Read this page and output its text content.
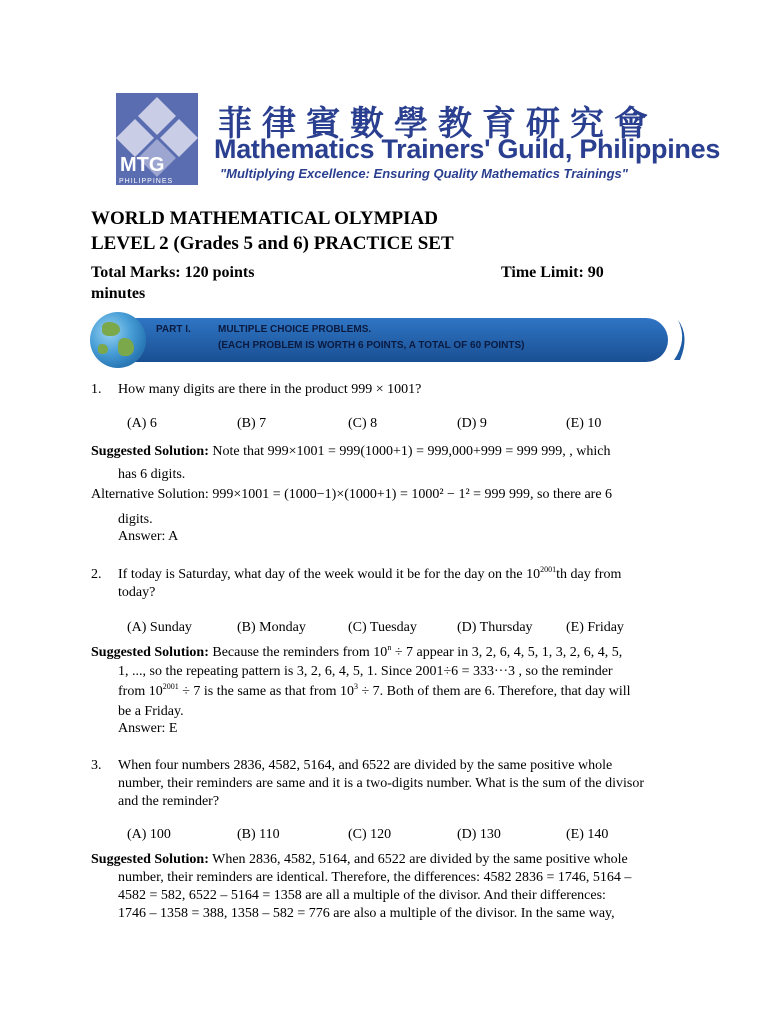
MTG
PHILIPPINES
菲律賓數學教育研究會
Mathematics Trainers' Guild, Philippines
"Multiplying Excellence: Ensuring Quality Mathematics Trainings"
WORLD MATHEMATICAL OLYMPIAD
LEVEL 2 (Grades 5 and 6) PRACTICE SET
Total Marks: 120 points	Time Limit: 90
minutes
PART I.	MULTIPLE CHOICE PROBLEMS.
(EACH PROBLEM IS WORTH 6 POINTS, A TOTAL OF 60 POINTS)
1. How many digits are there in the product 999 × 1001?
(A) 6	(B) 7	(C) 8	(D) 9	(E) 10
Suggested Solution: Note that 999×1001 = 999(1000+1) = 999,000+999 = 999 999, , which
has 6 digits.
Alternative Solution: 999×1001 = (1000−1)×(1000+1) = 1000² − 1² = 999 999, so there are 6
digits.
Answer: A
2. If today is Saturday, what day of the week would it be for the day on the $10^{2001}th$ day from
today?
(A) Sunday	(B) Monday	(C) Tuesday	(D) Thursday (E) Friday
Suggested Solution: Because the reminders from $10^n \div 7$ appear in 3, 2, 6, 4, 5, 1, 3, 2, 6, 4, 5,
1, ..., so the repeating pattern is 3, 2, 6, 4, 5, 1. Since 2001÷6 = 333···3 , so the reminder
from $10^{2001} \div 7$ is the same as that from $10^3 \div 7$. Both of them are 6. Therefore, that day will
be a Friday.
Answer: E
3. When four numbers 2836, 4582, 5164, and 6522 are divided by the same positive whole
number, their reminders are same and it is a two-digits number. What is the sum of the divisor
and the reminder?
(A) 100	(B) 110	(C) 120	(D) 130	(E) 140
Suggested Solution: When 2836, 4582, 5164, and 6522 are divided by the same positive whole
number, their reminders are identical. Therefore, the differences: 4582 2836 = 1746, 5164 –
4582 = 582, 6522 – 5164 = 1358 are all a multiple of the divisor. And their differences:
1746 – 1358 = 388, 1358 – 582 = 776 are also a multiple of the divisor. In the same way,
